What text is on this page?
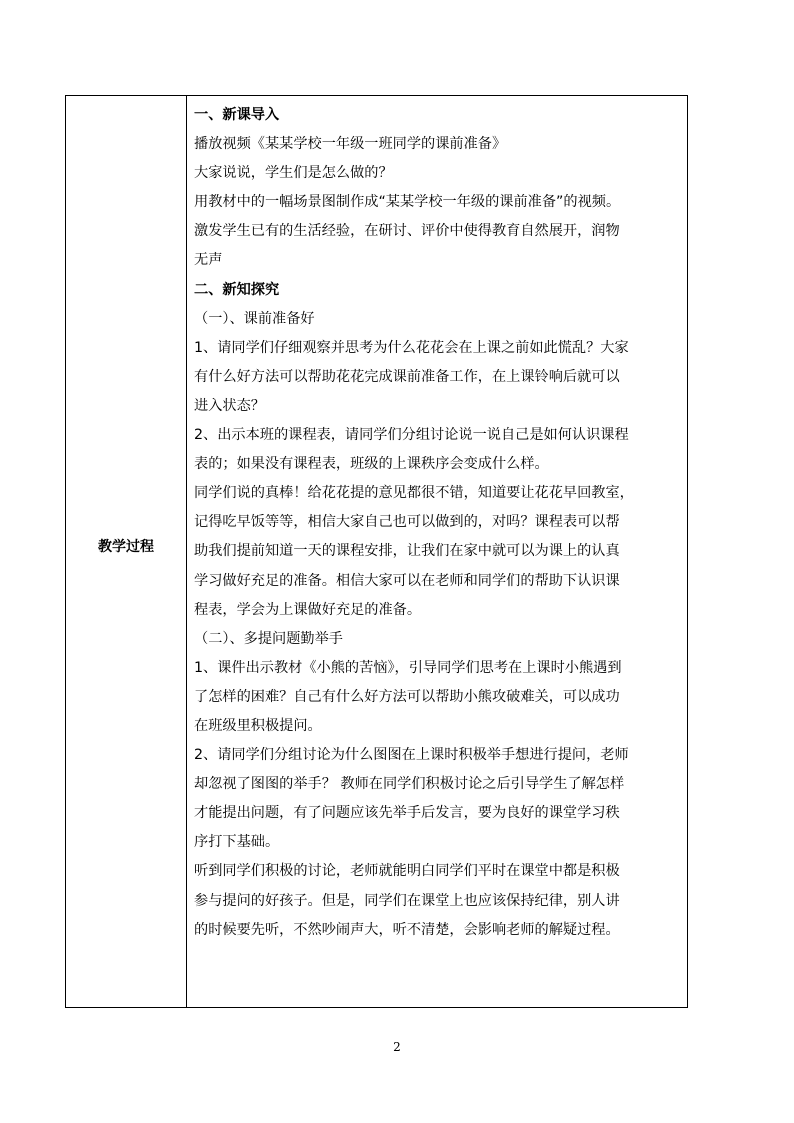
教学过程
一、新课导入
播放视频《某某学校一年级一班同学的课前准备》
大家说说，学生们是怎么做的？
用教材中的一幅场景图制作成“某某学校一年级的课前准备”的视频。
激发学生已有的生活经验，在研讨、评价中使得教育自然展开，润物
无声
二、新知探究
（一）、课前准备好
1、请同学们仔细观察并思考为什么花花会在上课之前如此慌乱？大家
有什么好方法可以帮助花花完成课前准备工作，在上课铃响后就可以
进入状态？
2、出示本班的课程表，请同学们分组讨论说一说自己是如何认识课程
表的；如果没有课程表，班级的上课秩序会变成什么样。
同学们说的真棒！给花花提的意见都很不错，知道要让花花早回教室，
记得吃早饭等等，相信大家自己也可以做到的，对吗？课程表可以帮
助我们提前知道一天的课程安排，让我们在家中就可以为课上的认真
学习做好充足的准备。相信大家可以在老师和同学们的帮助下认识课
程表，学会为上课做好充足的准备。
（二）、多提问题勤举手
1、课件出示教材《小熊的苦恼》，引导同学们思考在上课时小熊遇到
了怎样的困难？自己有什么好方法可以帮助小熊攻破难关，可以成功
在班级里积极提问。
2、请同学们分组讨论为什么图图在上课时积极举手想进行提问，老师
却忽视了图图的举手？ 教师在同学们积极讨论之后引导学生了解怎样
才能提出问题，有了问题应该先举手后发言，要为良好的课堂学习秩
序打下基础。
听到同学们积极的讨论，老师就能明白同学们平时在课堂中都是积极
参与提问的好孩子。但是，同学们在课堂上也应该保持纪律，别人讲
的时候要先听，不然吵闹声大，听不清楚，会影响老师的解疑过程。
2
